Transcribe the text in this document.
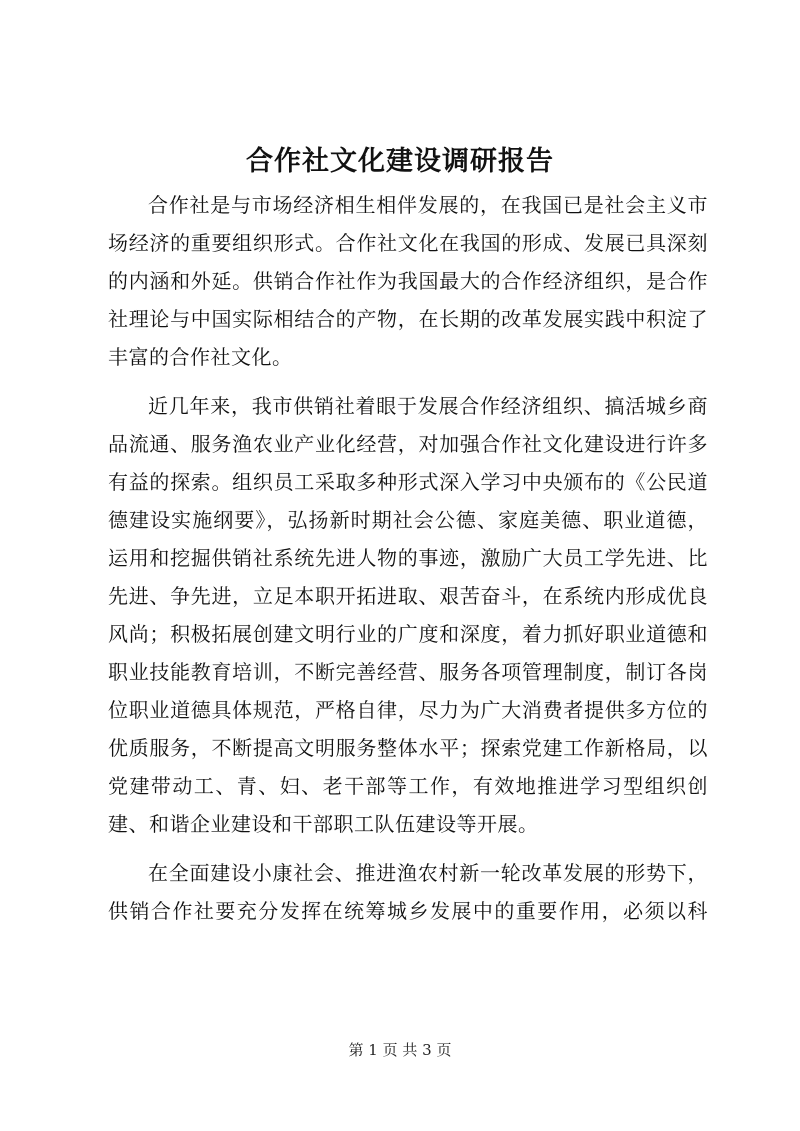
合作社文化建设调研报告

合作社是与市场经济相生相伴发展的，在我国已是社会主义市场经济的重要组织形式。合作社文化在我国的形成、发展已具深刻的内涵和外延。供销合作社作为我国最大的合作经济组织，是合作社理论与中国实际相结合的产物，在长期的改革发展实践中积淀了丰富的合作社文化。

近几年来，我市供销社着眼于发展合作经济组织、搞活城乡商品流通、服务渔农业产业化经营，对加强合作社文化建设进行许多有益的探索。组织员工采取多种形式深入学习中央颁布的《公民道德建设实施纲要》，弘扬新时期社会公德、家庭美德、职业道德，运用和挖掘供销社系统先进人物的事迹，激励广大员工学先进、比先进、争先进，立足本职开拓进取、艰苦奋斗，在系统内形成优良风尚；积极拓展创建文明行业的广度和深度，着力抓好职业道德和职业技能教育培训，不断完善经营、服务各项管理制度，制订各岗位职业道德具体规范，严格自律，尽力为广大消费者提供多方位的优质服务，不断提高文明服务整体水平；探索党建工作新格局，以党建带动工、青、妇、老干部等工作，有效地推进学习型组织创建、和谐企业建设和干部职工队伍建设等开展。

在全面建设小康社会、推进渔农村新一轮改革发展的形势下，供销合作社要充分发挥在统筹城乡发展中的重要作用，必须以科

第 1 页 共 3 页
